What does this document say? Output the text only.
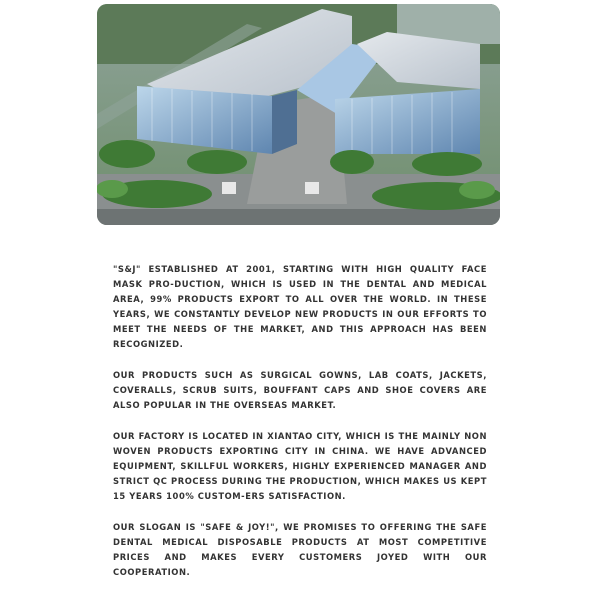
"S&J" ESTABLISHED AT 2001, STARTING WITH HIGH QUALITY FACE MASK PRO-DUCTION, WHICH IS USED IN THE DENTAL AND MEDICAL AREA, 99% PRODUCTS EXPORT TO ALL OVER THE WORLD. IN THESE YEARS, WE CONSTANTLY DEVELOP NEW PRODUCTS IN OUR EFFORTS TO MEET THE NEEDS OF THE MARKET, AND THIS APPROACH HAS BEEN RECOGNIZED.

OUR PRODUCTS SUCH AS SURGICAL GOWNS, LAB COATS, JACKETS, COVERALLS, SCRUB SUITS, BOUFFANT CAPS AND SHOE COVERS ARE ALSO POPULAR IN THE OVERSEAS MARKET.

OUR FACTORY IS LOCATED IN XIANTAO CITY, WHICH IS THE MAINLY NON WOVEN PRODUCTS EXPORTING CITY IN CHINA. WE HAVE ADVANCED EQUIPMENT, SKILLFUL WORKERS, HIGHLY EXPERIENCED MANAGER AND STRICT QC PROCESS DURING THE PRODUCTION, WHICH MAKES US KEPT 15 YEARS 100% CUSTOM-ERS SATISFACTION.

OUR SLOGAN IS "SAFE & JOY!", WE PROMISES TO OFFERING THE SAFE DENTAL MEDICAL DISPOSABLE PRODUCTS AT MOST COMPETITIVE PRICES AND MAKES EVERY CUSTOMERS JOYED WITH OUR COOPERATION.
